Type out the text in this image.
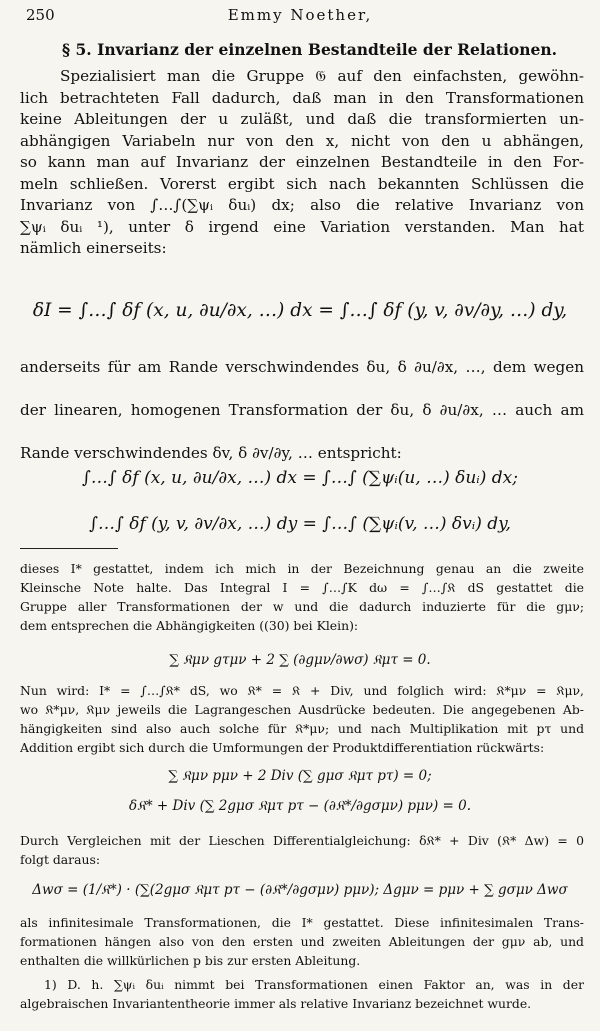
250	Emmy Noether,
§ 5. Invarianz der einzelnen Bestandteile der Relationen.
Spezialisiert man die Gruppe 𝔊 auf den einfachsten, gewöhn-
lich betrachteten Fall dadurch, daß man in den Transformationen
keine Ableitungen der u zuläßt, und daß die transformierten un-
abhängigen Variabeln nur von den x, nicht von den u abhängen,
so kann man auf Invarianz der einzelnen Bestandteile in den For-
meln schließen. Vorerst ergibt sich nach bekannten Schlüssen die
Invarianz von ∫…∫(∑ψᵢ δuᵢ) dx; also die relative Invarianz von
∑ψᵢ δuᵢ ¹), unter δ irgend eine Variation verstanden. Man hat
nämlich einerseits:
δI = ∫…∫ δf (x, u, ∂u/∂x, …) dx = ∫…∫ δf (y, v, ∂v/∂y, …) dy,
anderseits für am Rande verschwindendes δu, δ ∂u/∂x, …, dem wegen
der linearen, homogenen Transformation der δu, δ ∂u/∂x, … auch am
Rande verschwindendes δv, δ ∂v/∂y, … entspricht:
∫…∫ δf (x, u, ∂u/∂x, …) dx = ∫…∫ (∑ψᵢ(u, …) δuᵢ) dx;
∫…∫ δf (y, v, ∂v/∂x, …) dy = ∫…∫ (∑ψᵢ(v, …) δvᵢ) dy,
dieses I* gestattet, indem ich mich in der Bezeichnung genau an die zweite
Kleinsche Note halte. Das Integral I = ∫…∫K dω = ∫…∫𝔎 dS gestattet die
Gruppe aller Transformationen der w und die dadurch induzierte für die gμν;
dem entsprechen die Abhängigkeiten ((30) bei Klein):
∑ 𝔎μν gτμν + 2 ∑ (∂gμν/∂wσ) 𝔎μτ = 0.
Nun wird: I* = ∫…∫𝔎* dS, wo 𝔎* = 𝔎 + Div, und folglich wird: 𝔎*μν = 𝔎μν,
wo 𝔎*μν, 𝔎μν jeweils die Lagrangeschen Ausdrücke bedeuten. Die angegebenen Ab-
hängigkeiten sind also auch solche für 𝔎*μν; und nach Multiplikation mit pτ und
Addition ergibt sich durch die Umformungen der Produktdifferentiation rückwärts:
∑ 𝔎μν pμν + 2 Div (∑ gμσ 𝔎μτ pτ) = 0;
δ𝔎* + Div (∑ 2gμσ 𝔎μτ pτ − (∂𝔎*/∂gσμν) pμν) = 0.
Durch Vergleichen mit der Lieschen Differentialgleichung: δ𝔎* + Div (𝔎* Δw) = 0
folgt daraus:
Δwσ = (1/𝔎*) · (∑(2gμσ 𝔎μτ pτ − (∂𝔎*/∂gσμν) pμν); Δgμν = pμν + ∑ gσμν Δwσ
als infinitesimale Transformationen, die I* gestattet. Diese infinitesimalen Trans-
formationen hängen also von den ersten und zweiten Ableitungen der gμν ab, und
enthalten die willkürlichen p bis zur ersten Ableitung.
1) D. h. ∑ψᵢ δuᵢ nimmt bei Transformationen einen Faktor an, was in der
algebraischen Invariantentheorie immer als relative Invarianz bezeichnet wurde.
